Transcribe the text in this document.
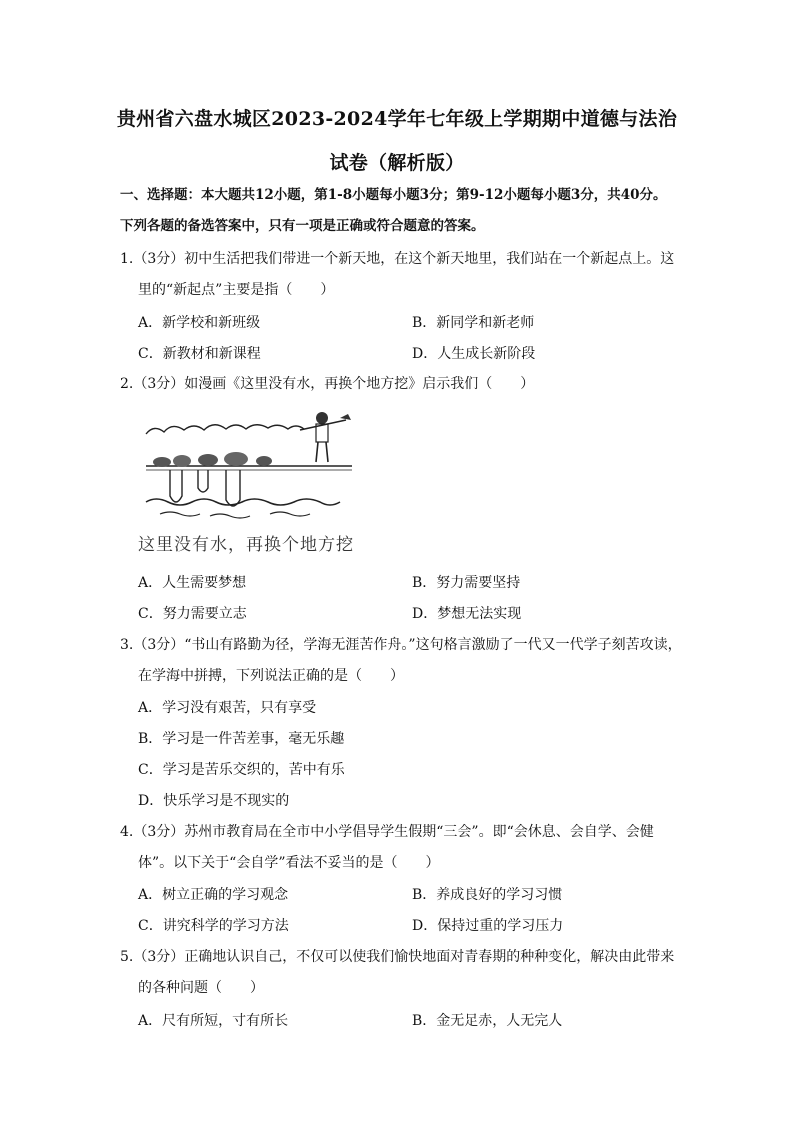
贵州省六盘水城区2023-2024学年七年级上学期期中道德与法治
试卷（解析版）
一、选择题：本大题共12小题，第1-8小题每小题3分；第9-12小题每小题3分，共40分。下列各题的备选答案中，只有一项是正确或符合题意的答案。
1.（3分）初中生活把我们带进一个新天地，在这个新天地里，我们站在一个新起点上。这
里的“新起点”主要是指（　　）
A．新学校和新班级	B．新同学和新老师
C．新教材和新课程	D．人生成长新阶段
2.（3分）如漫画《这里没有水，再换个地方挖》启示我们（　　）
这里没有水，再换个地方挖
A．人生需要梦想	B．努力需要坚持
C．努力需要立志	D．梦想无法实现
3.（3分）“书山有路勤为径，学海无涯苦作舟。”这句格言激励了一代又一代学子刻苦攻读，
在学海中拼搏，下列说法正确的是（　　）
A．学习没有艰苦，只有享受
B．学习是一件苦差事，毫无乐趣
C．学习是苦乐交织的，苦中有乐
D．快乐学习是不现实的
4.（3分）苏州市教育局在全市中小学倡导学生假期“三会”。即“会休息、会自学、会健
体”。以下关于“会自学”看法不妥当的是（　　）
A．树立正确的学习观念	B．养成良好的学习习惯
C．讲究科学的学习方法	D．保持过重的学习压力
5.（3分）正确地认识自己，不仅可以使我们愉快地面对青春期的种种变化，解决由此带来
的各种问题（　　）
A．尺有所短，寸有所长	B．金无足赤，人无完人
